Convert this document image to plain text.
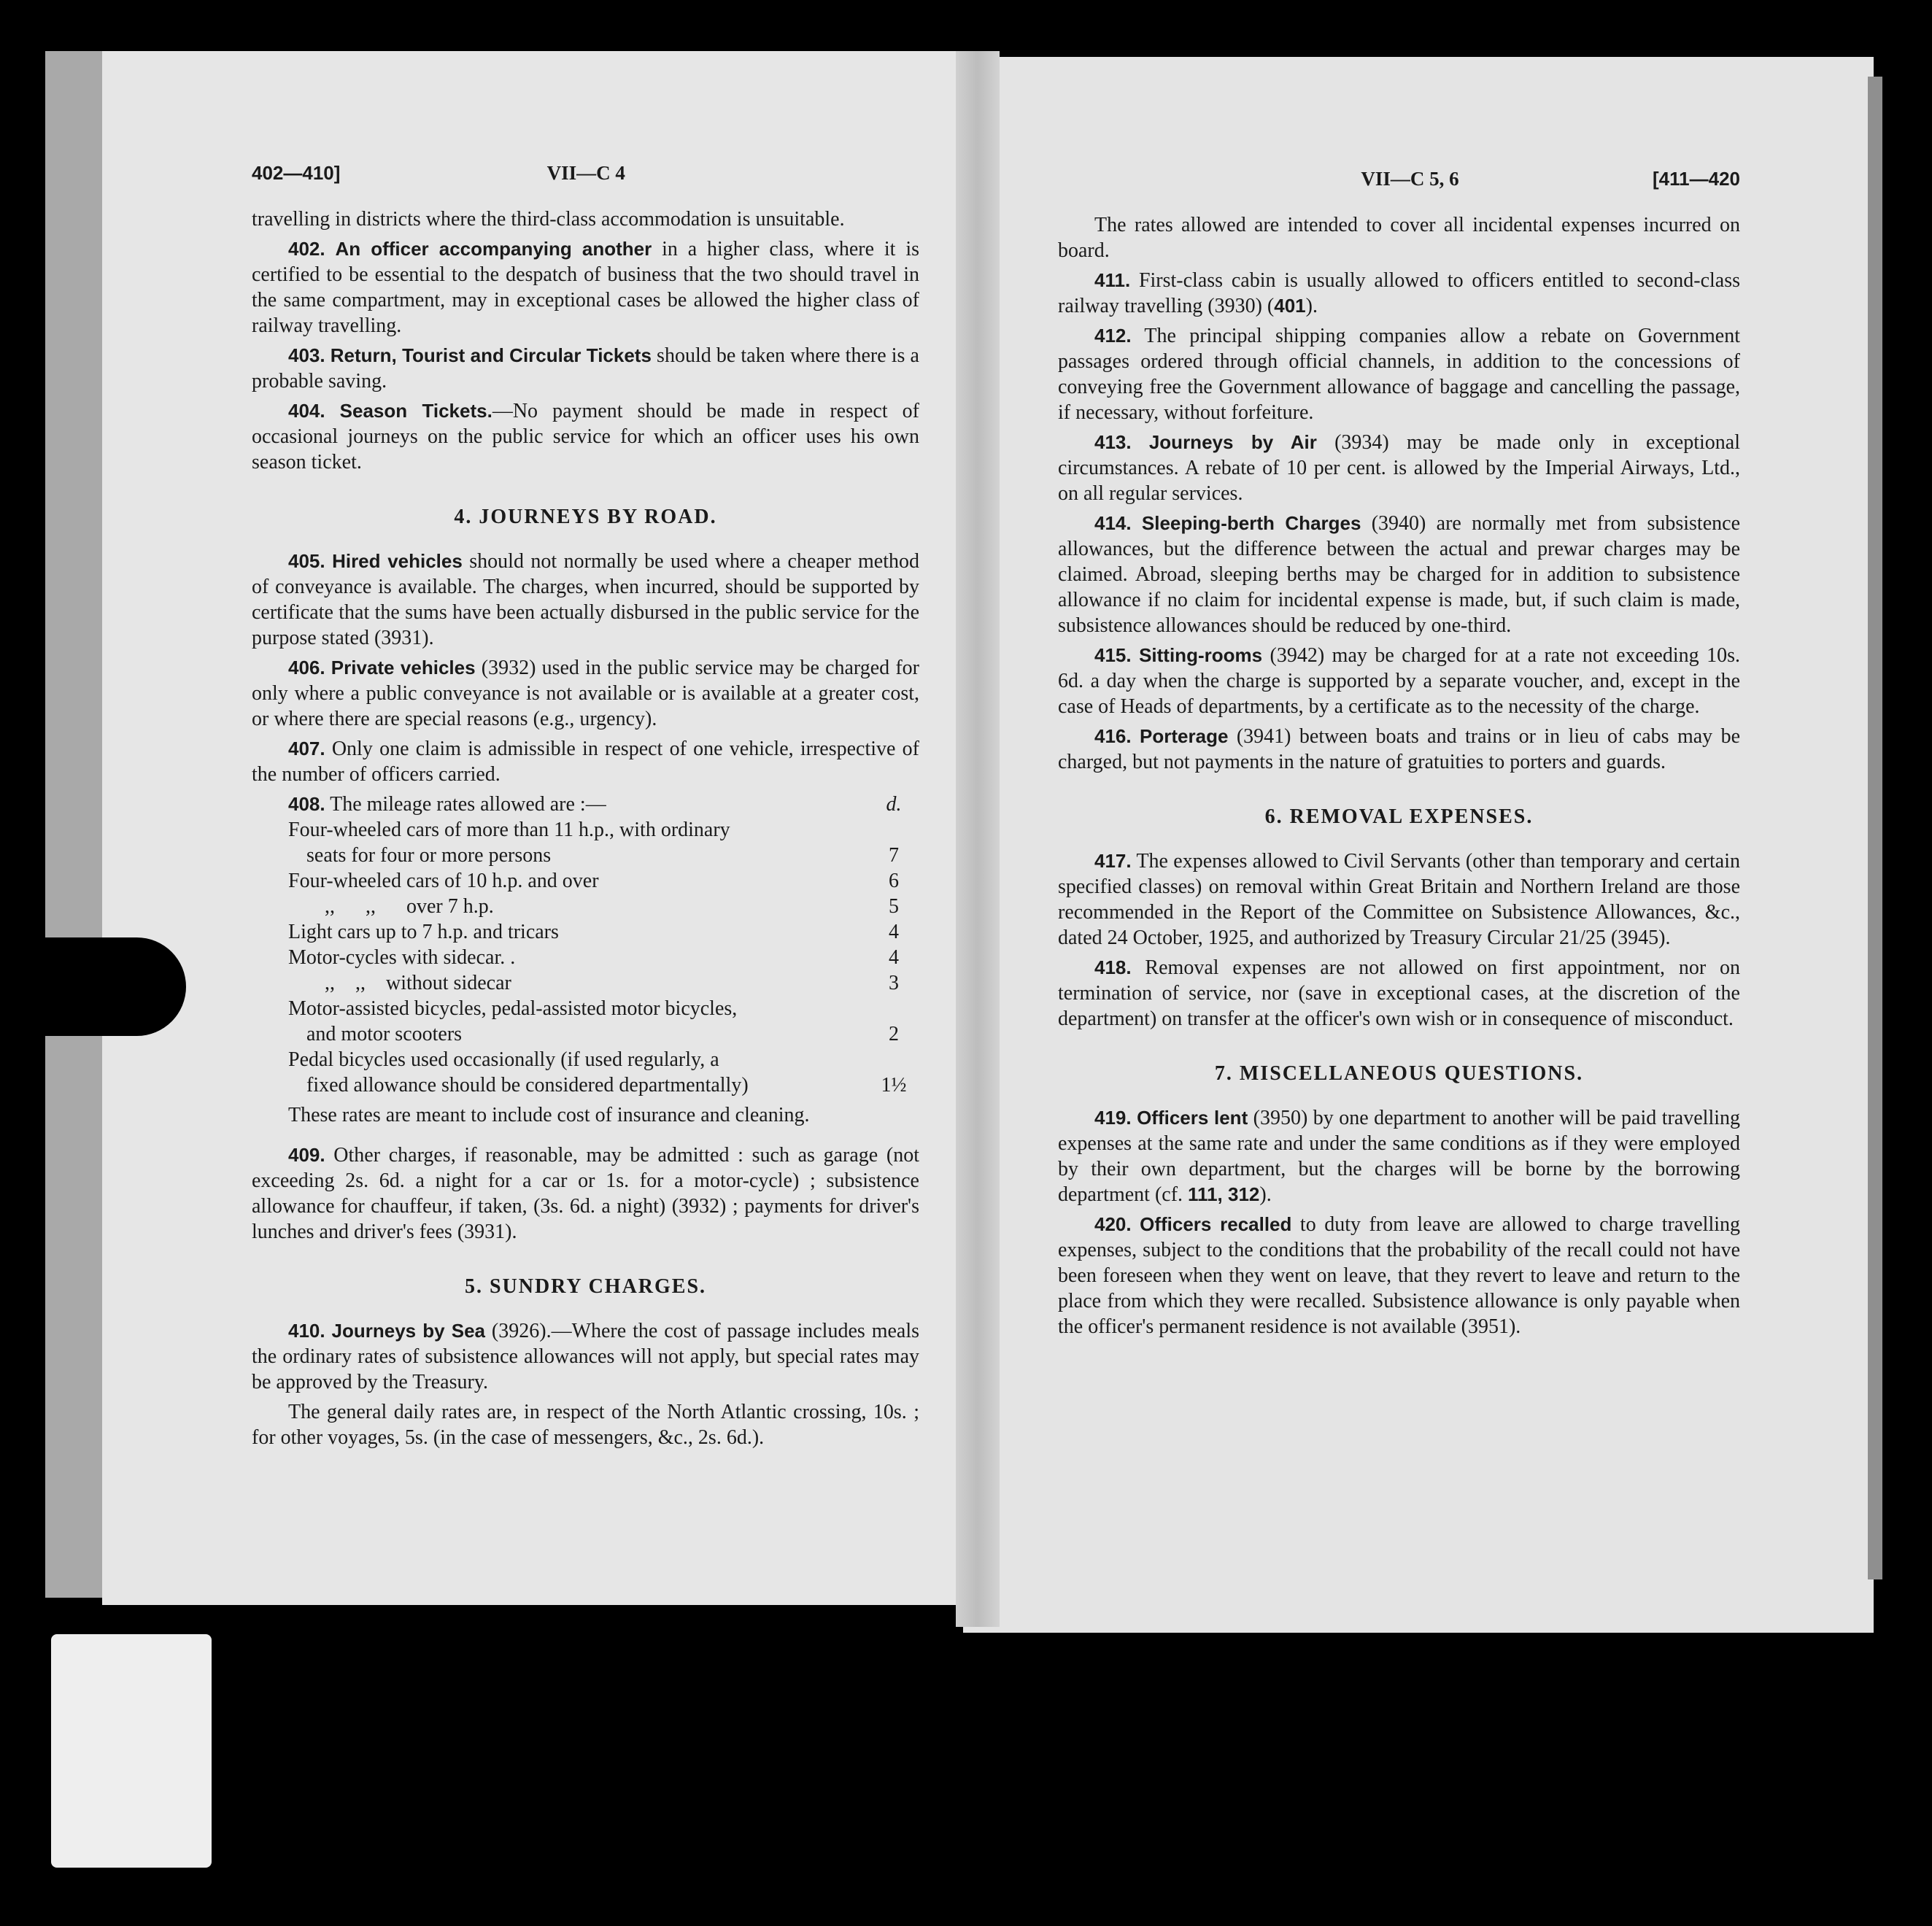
402—410]	VII—C 4

travelling in districts where the third-class accommodation is unsuitable.

402. An officer accompanying another in a higher class, where it is certified to be essential to the despatch of business that the two should travel in the same compartment, may in exceptional cases be allowed the higher class of railway travelling.

403. Return, Tourist and Circular Tickets should be taken where there is a probable saving.

404. Season Tickets.—No payment should be made in respect of occasional journeys on the public service for which an officer uses his own season ticket.

4. JOURNEYS BY ROAD.

405. Hired vehicles should not normally be used where a cheaper method of conveyance is available. The charges, when incurred, should be supported by certificate that the sums have been actually disbursed in the public service for the purpose stated (3931).

406. Private vehicles (3932) used in the public service may be charged for only where a public conveyance is not available or is available at a greater cost, or where there are special reasons (e.g., urgency).

407. Only one claim is admissible in respect of one vehicle, irrespective of the number of officers carried.

408. The mileage rates allowed are :—	d.
Four-wheeled cars of more than 11 h.p., with ordinary
seats for four or more persons	7
Four-wheeled cars of 10 h.p. and over	6
,,      ,,      over 7 h.p.	5
Light cars up to 7 h.p. and tricars	4
Motor-cycles with sidecar. .	4
,,    ,,    without sidecar	3
Motor-assisted bicycles, pedal-assisted motor bicycles,
and motor scooters	2
Pedal bicycles used occasionally (if used regularly, a
fixed allowance should be considered departmentally)	1½

These rates are meant to include cost of insurance and cleaning.

409. Other charges, if reasonable, may be admitted : such as garage (not exceeding 2s. 6d. a night for a car or 1s. for a motor-cycle) ; subsistence allowance for chauffeur, if taken, (3s. 6d. a night) (3932) ; payments for driver's lunches and driver's fees (3931).

5. SUNDRY CHARGES.

410. Journeys by Sea (3926).—Where the cost of passage includes meals the ordinary rates of subsistence allowances will not apply, but special rates may be approved by the Treasury.

The general daily rates are, in respect of the North Atlantic crossing, 10s. ; for other voyages, 5s. (in the case of messengers, &c., 2s. 6d.).

VII—C 5, 6	[411—420

The rates allowed are intended to cover all incidental expenses incurred on board.

411. First-class cabin is usually allowed to officers entitled to second-class railway travelling (3930) (401).

412. The principal shipping companies allow a rebate on Government passages ordered through official channels, in addition to the concessions of conveying free the Government allowance of baggage and cancelling the passage, if necessary, without forfeiture.

413. Journeys by Air (3934) may be made only in exceptional circumstances. A rebate of 10 per cent. is allowed by the Imperial Airways, Ltd., on all regular services.

414. Sleeping-berth Charges (3940) are normally met from subsistence allowances, but the difference between the actual and prewar charges may be claimed. Abroad, sleeping berths may be charged for in addition to subsistence allowance if no claim for incidental expense is made, but, if such claim is made, subsistence allowances should be reduced by one-third.

415. Sitting-rooms (3942) may be charged for at a rate not exceeding 10s. 6d. a day when the charge is supported by a separate voucher, and, except in the case of Heads of departments, by a certificate as to the necessity of the charge.

416. Porterage (3941) between boats and trains or in lieu of cabs may be charged, but not payments in the nature of gratuities to porters and guards.

6. REMOVAL EXPENSES.

417. The expenses allowed to Civil Servants (other than temporary and certain specified classes) on removal within Great Britain and Northern Ireland are those recommended in the Report of the Committee on Subsistence Allowances, &c., dated 24 October, 1925, and authorized by Treasury Circular 21/25 (3945).

418. Removal expenses are not allowed on first appointment, nor on termination of service, nor (save in exceptional cases, at the discretion of the department) on transfer at the officer's own wish or in consequence of misconduct.

7. MISCELLANEOUS QUESTIONS.

419. Officers lent (3950) by one department to another will be paid travelling expenses at the same rate and under the same conditions as if they were employed by their own department, but the charges will be borne by the borrowing department (cf. 111, 312).

420. Officers recalled to duty from leave are allowed to charge travelling expenses, subject to the conditions that the probability of the recall could not have been foreseen when they went on leave, that they revert to leave and return to the place from which they were recalled. Subsistence allowance is only payable when the officer's permanent residence is not available (3951).
